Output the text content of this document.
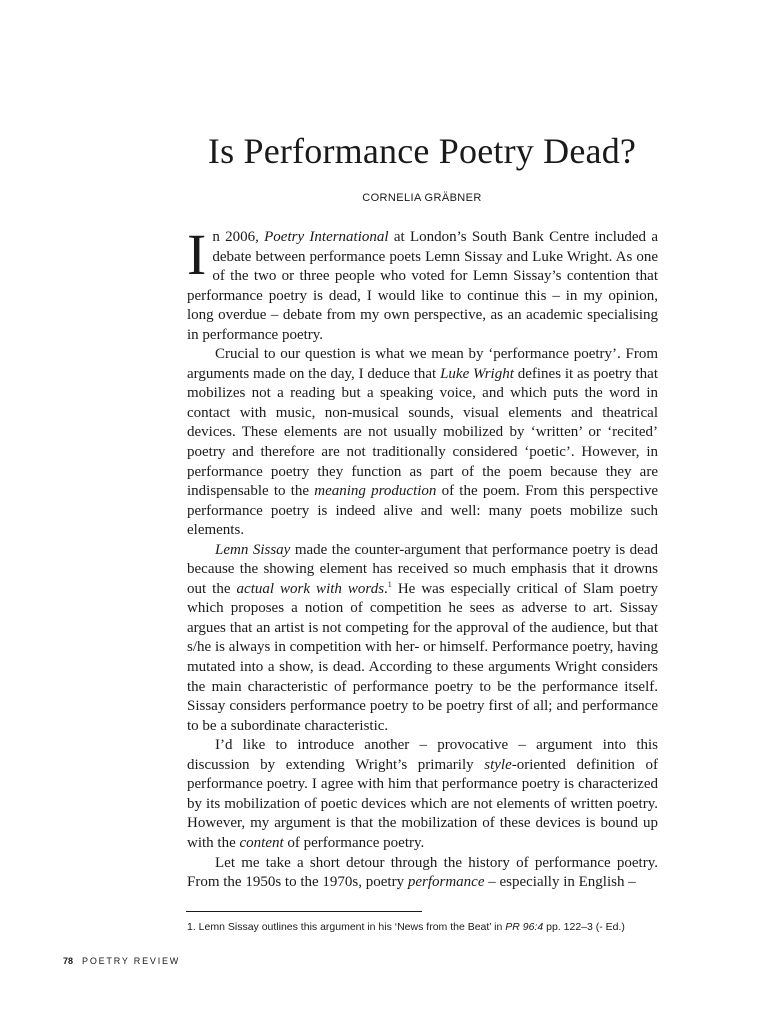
Is Performance Poetry Dead?
CORNELIA GRÄBNER

In 2006, Poetry International at London’s South Bank Centre included a debate between performance poets Lemn Sissay and Luke Wright. As one of the two or three people who voted for Lemn Sissay’s contention that performance poetry is dead, I would like to continue this – in my opinion, long overdue – debate from my own perspective, as an academic specialising in performance poetry.

Crucial to our question is what we mean by ‘performance poetry’. From arguments made on the day, I deduce that Luke Wright defines it as poetry that mobilizes not a reading but a speaking voice, and which puts the word in contact with music, non-musical sounds, visual elements and theatrical devices. These elements are not usually mobilized by ‘written’ or ‘recited’ poetry and therefore are not traditionally considered ‘poetic’. However, in performance poetry they function as part of the poem because they are indispensable to the meaning production of the poem. From this perspective performance poetry is indeed alive and well: many poets mobilize such elements.

Lemn Sissay made the counter-argument that performance poetry is dead because the showing element has received so much emphasis that it drowns out the actual work with words.$^1$ He was especially critical of Slam poetry which proposes a notion of competition he sees as adverse to art. Sissay argues that an artist is not competing for the approval of the audience, but that s/he is always in competition with her- or himself. Performance poetry, having mutated into a show, is dead. According to these arguments Wright considers the main characteristic of performance poetry to be the performance itself. Sissay considers performance poetry to be poetry first of all; and performance to be a subordinate characteristic.

I’d like to introduce another – provocative – argument into this discussion by extending Wright’s primarily style-oriented definition of performance poetry. I agree with him that performance poetry is characterized by its mobilization of poetic devices which are not elements of written poetry. However, my argument is that the mobilization of these devices is bound up with the content of performance poetry.

Let me take a short detour through the history of performance poetry. From the 1950s to the 1970s, poetry performance – especially in English –

1. Lemn Sissay outlines this argument in his ‘News from the Beat’ in PR 96:4 pp. 122–3 (- Ed.)
78 POETRY REVIEW
